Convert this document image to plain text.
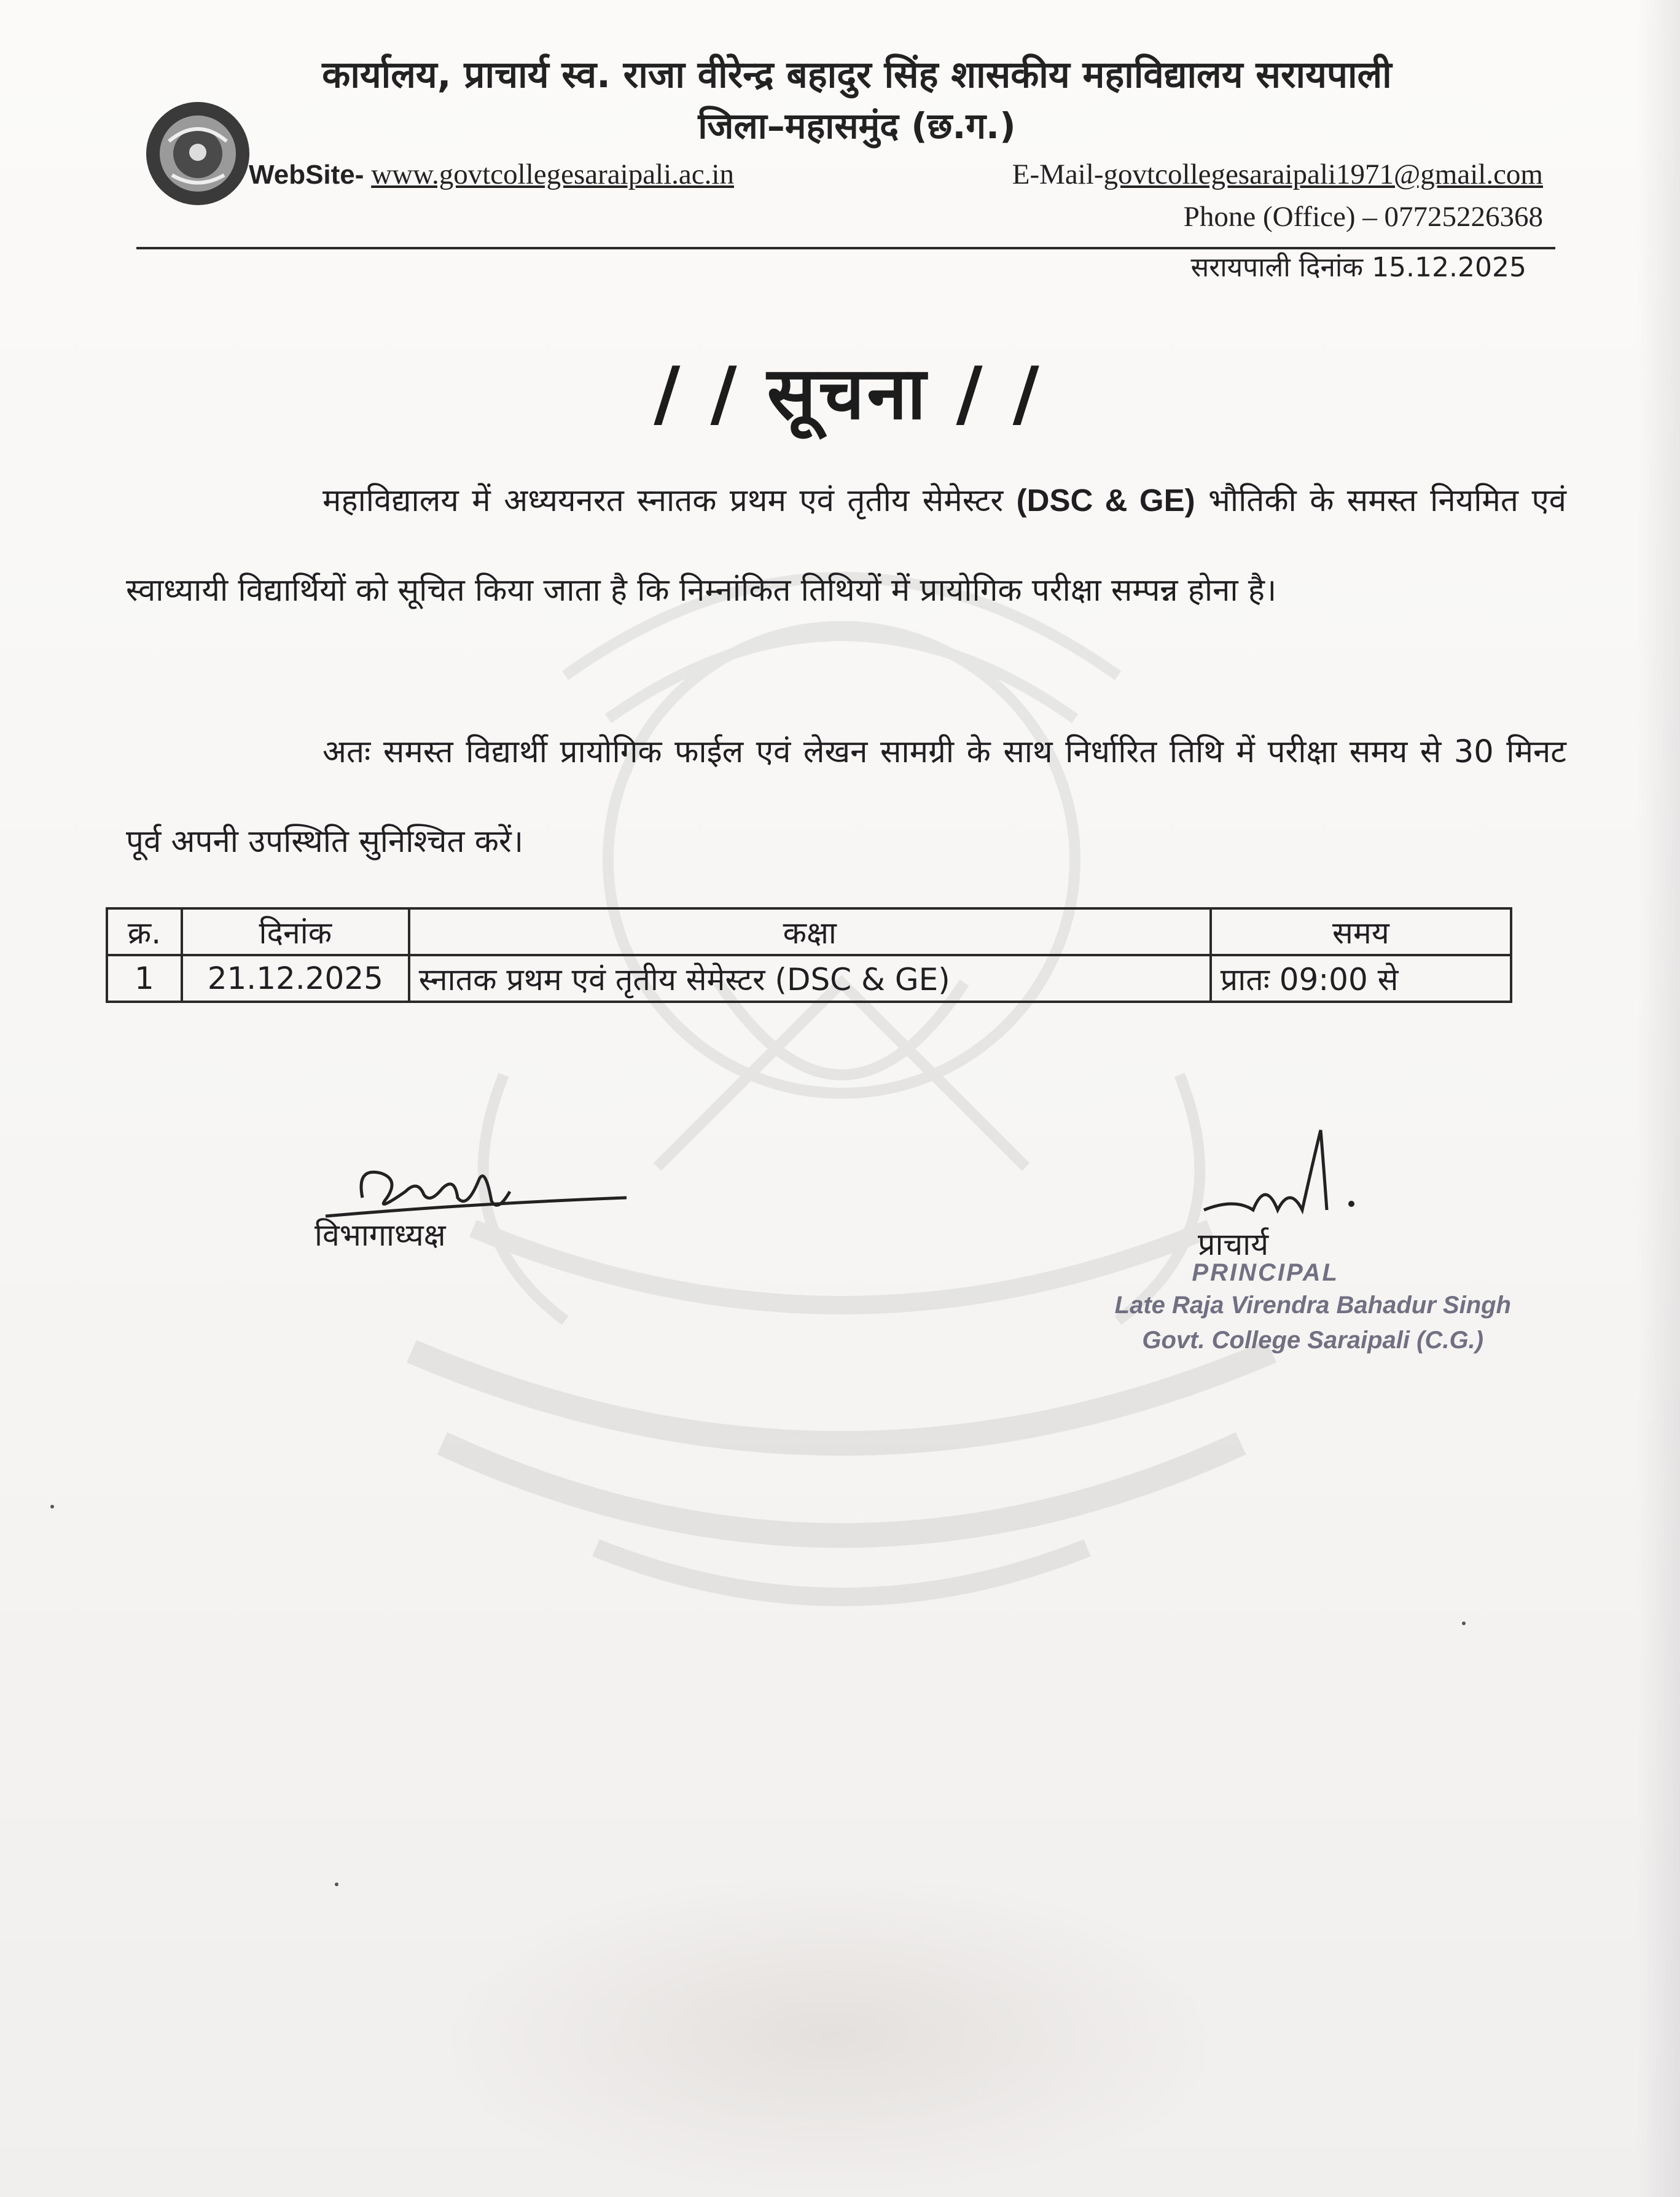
कार्यालय, प्राचार्य स्व. राजा वीरेन्द्र बहादुर सिंह शासकीय महाविद्यालय सरायपाली
जिला–महासमुंद (छ.ग.)
WebSite- www.govtcollegesaraipali.ac.in	E-Mail-govtcollegesaraipali1971@gmail.com
Phone (Office) – 07725226368
सरायपाली दिनांक 15.12.2025
/ / सूचना / /
महाविद्यालय में अध्ययनरत स्नातक प्रथम एवं तृतीय सेमेस्टर (DSC & GE) भौतिकी के समस्त नियमित एवं स्वाध्यायी विद्यार्थियों को सूचित किया जाता है कि निम्नांकित तिथियों में प्रायोगिक परीक्षा सम्पन्न होना है।
अतः समस्त विद्यार्थी प्रायोगिक फाईल एवं लेखन सामग्री के साथ निर्धारित तिथि में परीक्षा समय से 30 मिनट पूर्व अपनी उपस्थिति सुनिश्चित करें।
क्र.	दिनांक	कक्षा	समय
1	21.12.2025	स्नातक प्रथम एवं तृतीय सेमेस्टर (DSC & GE)	प्रातः 09:00 से
विभागाध्यक्ष	प्राचार्य
PRINCIPAL
Late Raja Virendra Bahadur Singh
Govt. College Saraipali (C.G.)
